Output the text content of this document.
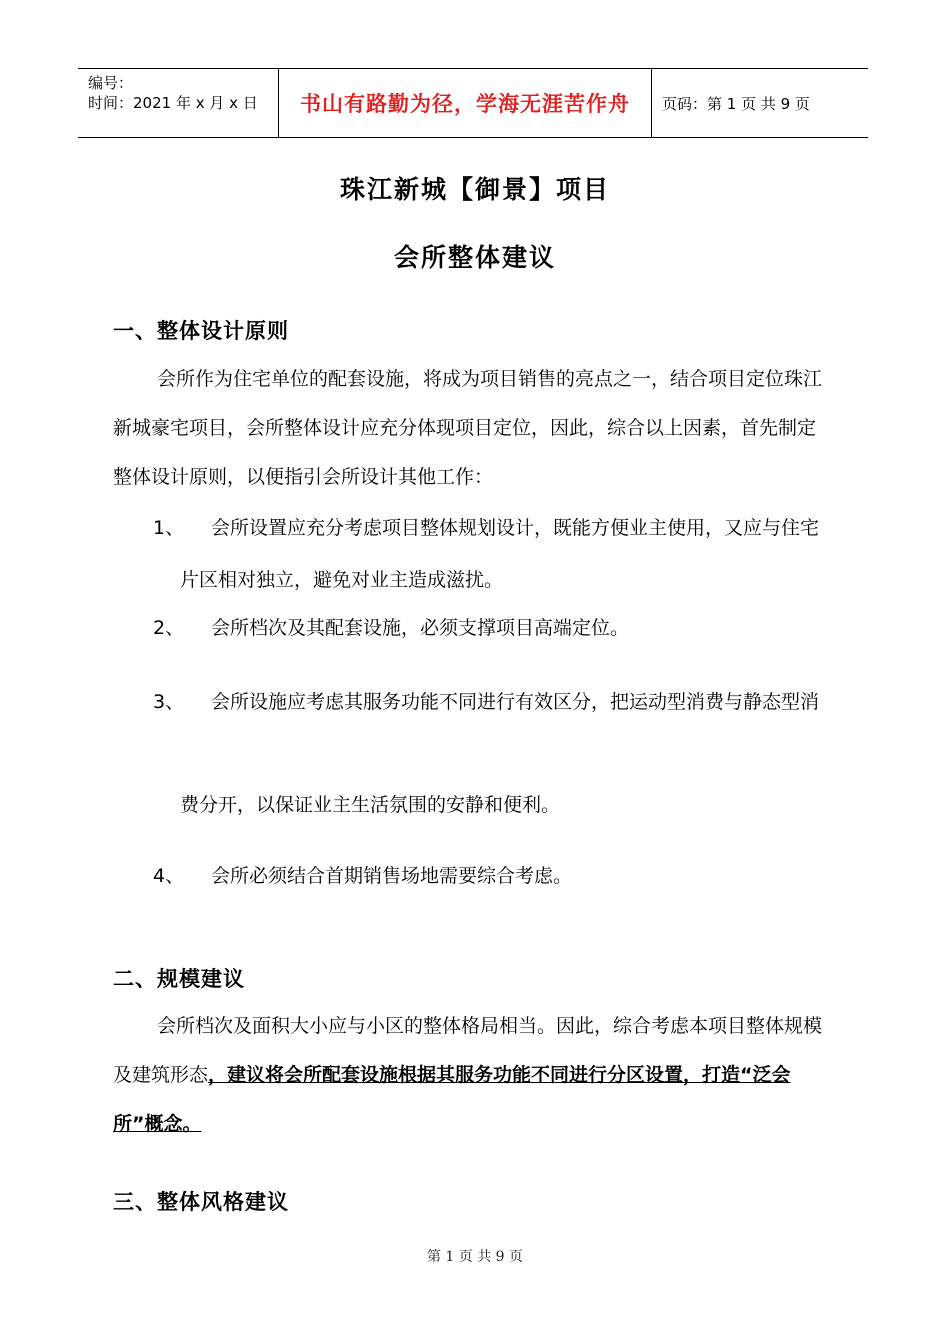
编号：
时间：2021 年 x 月 x 日	书山有路勤为径，学海无涯苦作舟 页码：第 1 页 共 9 页
珠江新城【御景】项目
会所整体建议
一、整体设计原则

会所作为住宅单位的配套设施，将成为项目销售的亮点之一，结合项目定位珠江新城豪宅项目，会所整体设计应充分体现项目定位，因此，综合以上因素，首先制定整体设计原则，以便指引会所设计其他工作：

1、 会所设置应充分考虑项目整体规划设计，既能方便业主使用，又应与住宅
片区相对独立，避免对业主造成滋扰。
2、 会所档次及其配套设施，必须支撑项目高端定位。
3、 会所设施应考虑其服务功能不同进行有效区分，把运动型消费与静态型消
费分开，以保证业主生活氛围的安静和便利。
4、 会所必须结合首期销售场地需要综合考虑。
二、规模建议

会所档次及面积大小应与小区的整体格局相当。因此，综合考虑本项目整体规模及建筑形态，建议将会所配套设施根据其服务功能不同进行分区设置，打造“泛会所”概念。

三、整体风格建议
第 1 页 共 9 页
